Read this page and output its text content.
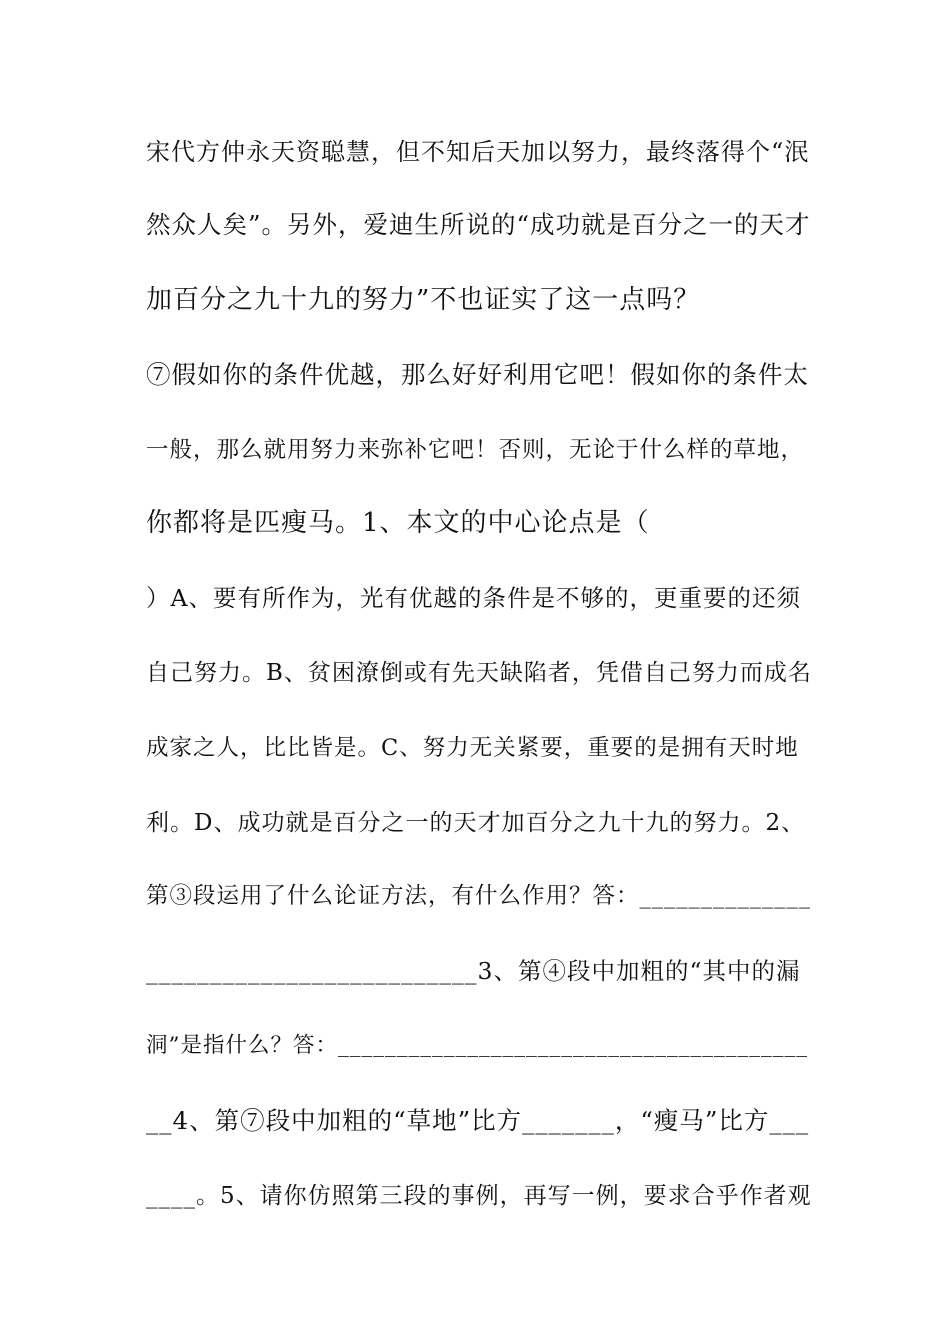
宋代方仲永天资聪慧，但不知后天加以努力，最终落得个“泯
然众人矣”。另外，爱迪生所说的“成功就是百分之一的天才
加百分之九十九的努力”不也证实了这一点吗？
⑦假如你的条件优越，那么好好利用它吧！假如你的条件太
一般，那么就用努力来弥补它吧！否则，无论于什么样的草地，
你都将是匹瘦马。1、本文的中心论点是（
）A、要有所作为，光有优越的条件是不够的，更重要的还须
自己努力。B、贫困潦倒或有先天缺陷者，凭借自己努力而成名
成家之人，比比皆是。C、努力无关紧要，重要的是拥有天时地
利。D、成功就是百分之一的天才加百分之九十九的努力。2、
第③段运用了什么论证方法，有什么作用？答：______________
__________________________3、第④段中加粗的“其中的漏
洞”是指什么？答：________________________________________
__4、第⑦段中加粗的“草地”比方_______，“瘦马”比方___
____。5、请你仿照第三段的事例，再写一例，要求合乎作者观
